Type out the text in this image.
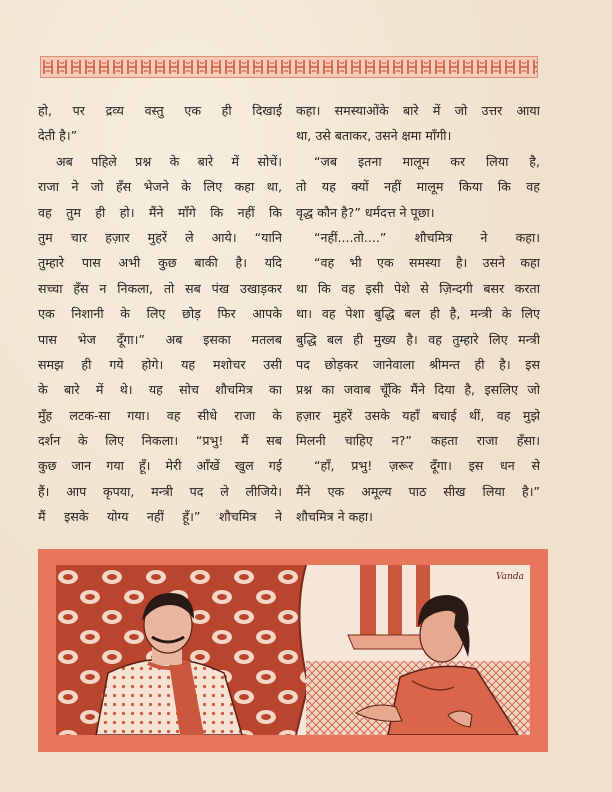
हो, पर द्रव्य वस्तु एक ही दिखाई
देती है।”
अब पहिले प्रश्न के बारे में सोचें।
राजा ने जो हँस भेजने के लिए कहा था,
वह तुम ही हो। मैंने माँगे कि नहीं कि
तुम चार हज़ार मुहरें ले आये। “यानि
तुम्हारे पास अभी कुछ बाकी है। यदि
सच्चा हँस न निकला, तो सब पंख उखाड़कर
एक निशानी के लिए छोड़ फिर आपके
पास भेज दूँगा।” अब इसका मतलब
समझ ही गये होगे। यह मशोचर उसी
के बारे में थे। यह सोच शौचमित्र का
मुँह लटक-सा गया। वह सीधे राजा के
दर्शन के लिए निकला। “प्रभु! मैं सब
कुछ जान गया हूँ। मेरी आँखें खुल गई
हैं। आप कृपया, मन्त्री पद ले लीजिये।
मैं इसके योग्य नहीं हूँ।” शौचमित्र ने
कहा। समस्याओंके बारे में जो उत्तर आया
था, उसे बताकर, उसने क्षमा माँगी।
“जब इतना मालूम कर लिया है,
तो यह क्यों नहीं मालूम किया कि वह
वृद्ध कौन है?” धर्मदत्त ने पूछा।
“नहीं....तो....” शौचमित्र ने कहा।
“वह भी एक समस्या है। उसने कहा
था कि वह इसी पेशे से ज़िन्दगी बसर करता
था। वह पेशा बुद्धि बल ही है, मन्त्री के लिए
बुद्धि बल ही मुख्य है। वह तुम्हारे लिए मन्त्री
पद छोड़कर जानेवाला श्रीमन्त ही है। इस
प्रश्न का जवाब चूँकि मैंने दिया है, इसलिए जो
हज़ार मुहरें उसके यहाँ बचाई थीं, वह मुझे
मिलनी चाहिए न?” कहता राजा हँसा।
“हाँ, प्रभु! ज़रूर दूँगा। इस धन से
मैंने एक अमूल्य पाठ सीख लिया है।”
शौचमित्र ने कहा।
Vanda
